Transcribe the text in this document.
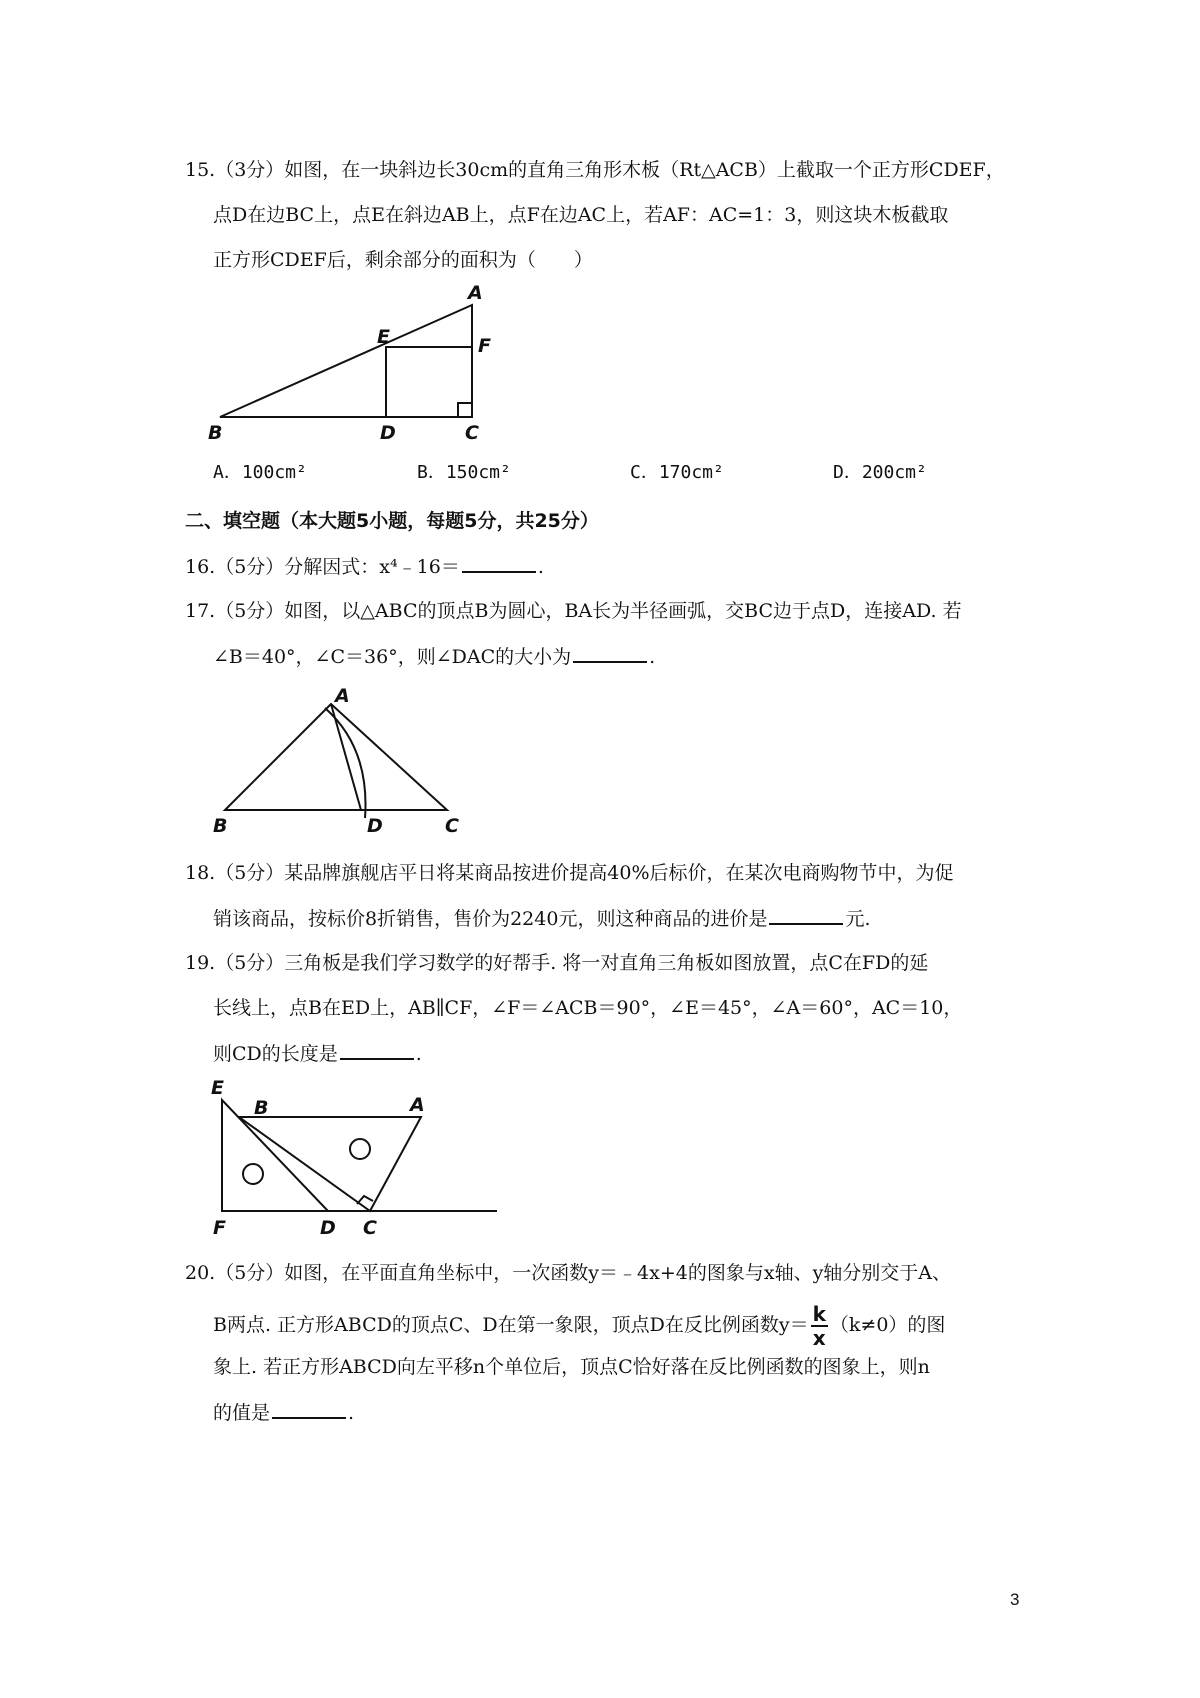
15.（3分）如图，在一块斜边长30cm的直角三角形木板（Rt△ACB）上截取一个正方形CDEF，
点D在边BC上，点E在斜边AB上，点F在边AC上，若AF：AC=1：3，则这块木板截取
正方形CDEF后，剩余部分的面积为（　　）
A
E	F
B	D	C
A．100cm²	B．150cm²	C．170cm²	D．200cm²
二、填空题（本大题5小题，每题5分，共25分）
16.（5分）分解因式：x⁴﹣16＝	.
17.（5分）如图，以△ABC的顶点B为圆心，BA长为半径画弧，交BC边于点D，连接AD. 若
∠B＝40°，∠C＝36°，则∠DAC的大小为	.
A
B	D	C
18.（5分）某品牌旗舰店平日将某商品按进价提高40%后标价，在某次电商购物节中，为促
销该商品，按标价8折销售，售价为2240元，则这种商品的进价是	元.
19.（5分）三角板是我们学习数学的好帮手. 将一对直角三角板如图放置，点C在FD的延
长线上，点B在ED上，AB∥CF，∠F＝∠ACB＝90°，∠E＝45°，∠A＝60°，AC＝10，
则CD的长度是	.
E
B	A
F	D C
20.（5分）如图，在平面直角坐标中，一次函数y＝﹣4x+4的图象与x轴、y轴分别交于A、
B两点. 正方形ABCD的顶点C、D在第一象限，顶点D在反比例函数$y= \frac{k}{x} (k\ne 0)$的图
象上. 若正方形ABCD向左平移n个单位后，顶点C恰好落在反比例函数的图象上，则n
的值是	.
3
